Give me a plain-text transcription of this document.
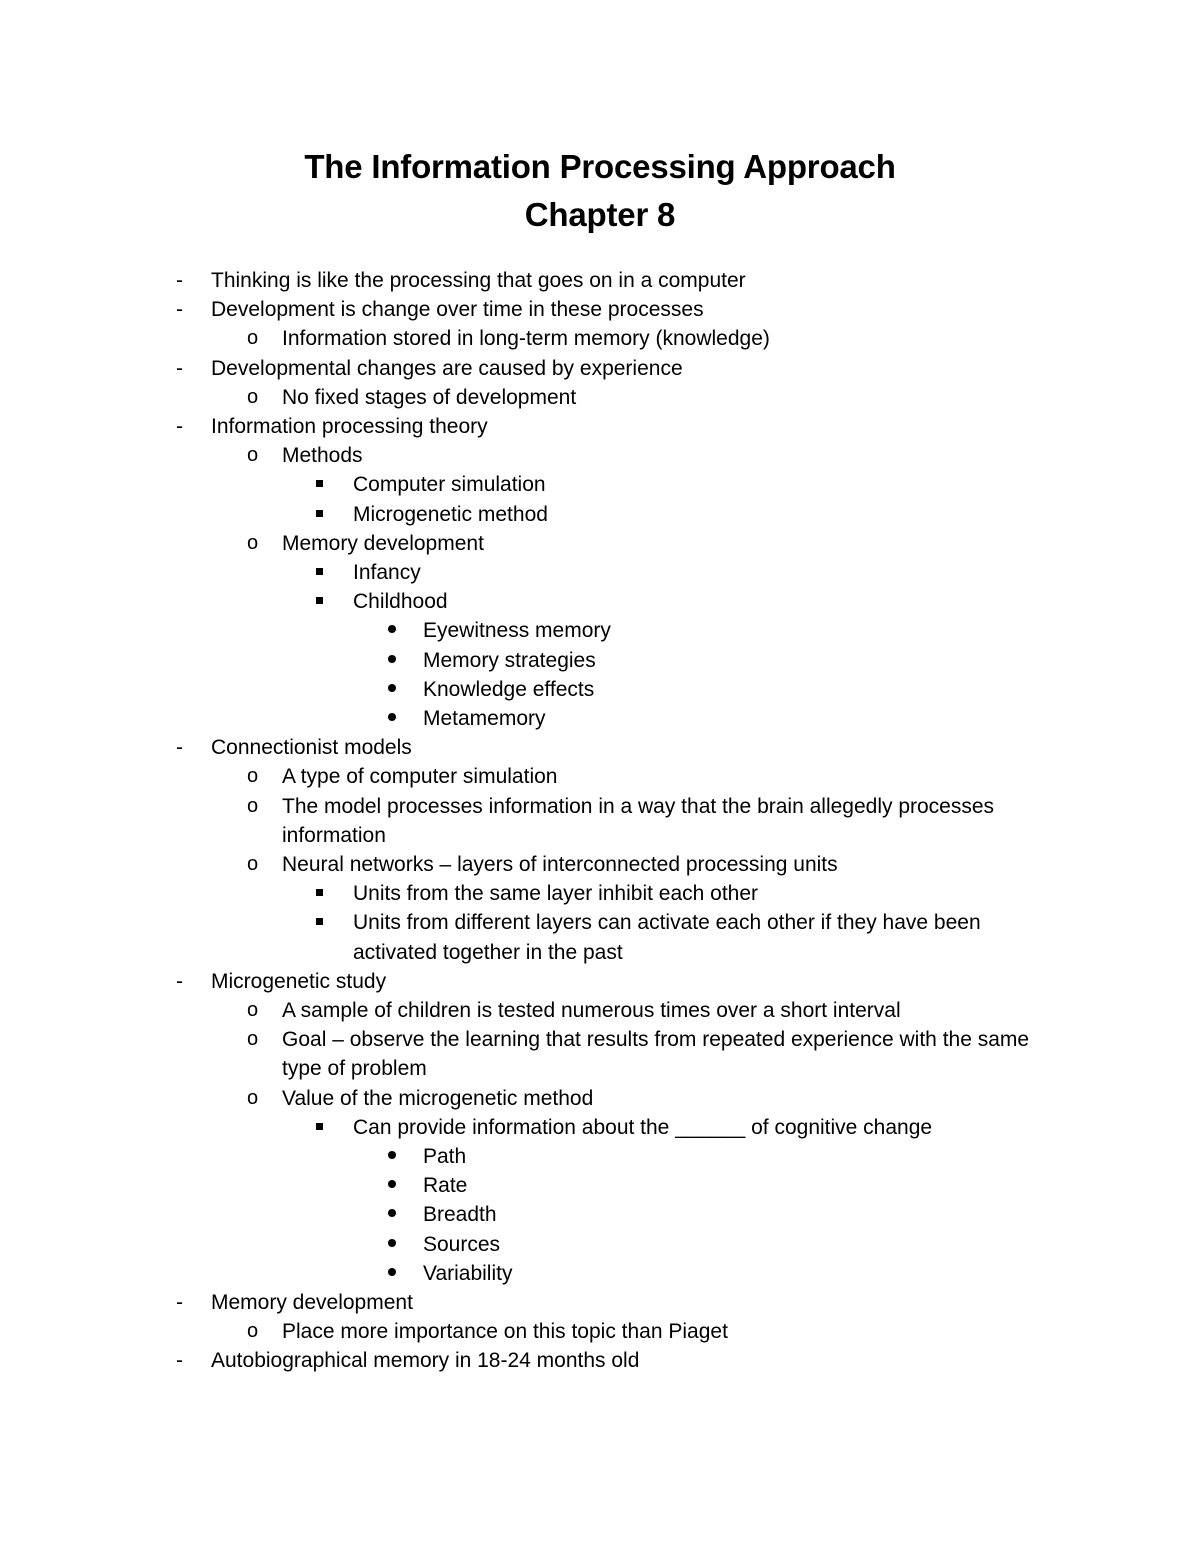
The Information Processing Approach
Chapter 8
- Thinking is like the processing that goes on in a computer
- Development is change over time in these processes
o Information stored in long-term memory (knowledge)
- Developmental changes are caused by experience
o No fixed stages of development
- Information processing theory
o Methods
Computer simulation
Microgenetic method
o Memory development
Infancy
Childhood
Eyewitness memory
Memory strategies
Knowledge effects
Metamemory
- Connectionist models
o A type of computer simulation
o The model processes information in a way that the brain allegedly processes
information
o Neural networks – layers of interconnected processing units
Units from the same layer inhibit each other
Units from different layers can activate each other if they have been
activated together in the past
- Microgenetic study
o A sample of children is tested numerous times over a short interval
o Goal – observe the learning that results from repeated experience with the same
type of problem
o Value of the microgenetic method
Can provide information about the ______ of cognitive change
Path
Rate
Breadth
Sources
Variability
- Memory development
o Place more importance on this topic than Piaget
- Autobiographical memory in 18-24 months old
